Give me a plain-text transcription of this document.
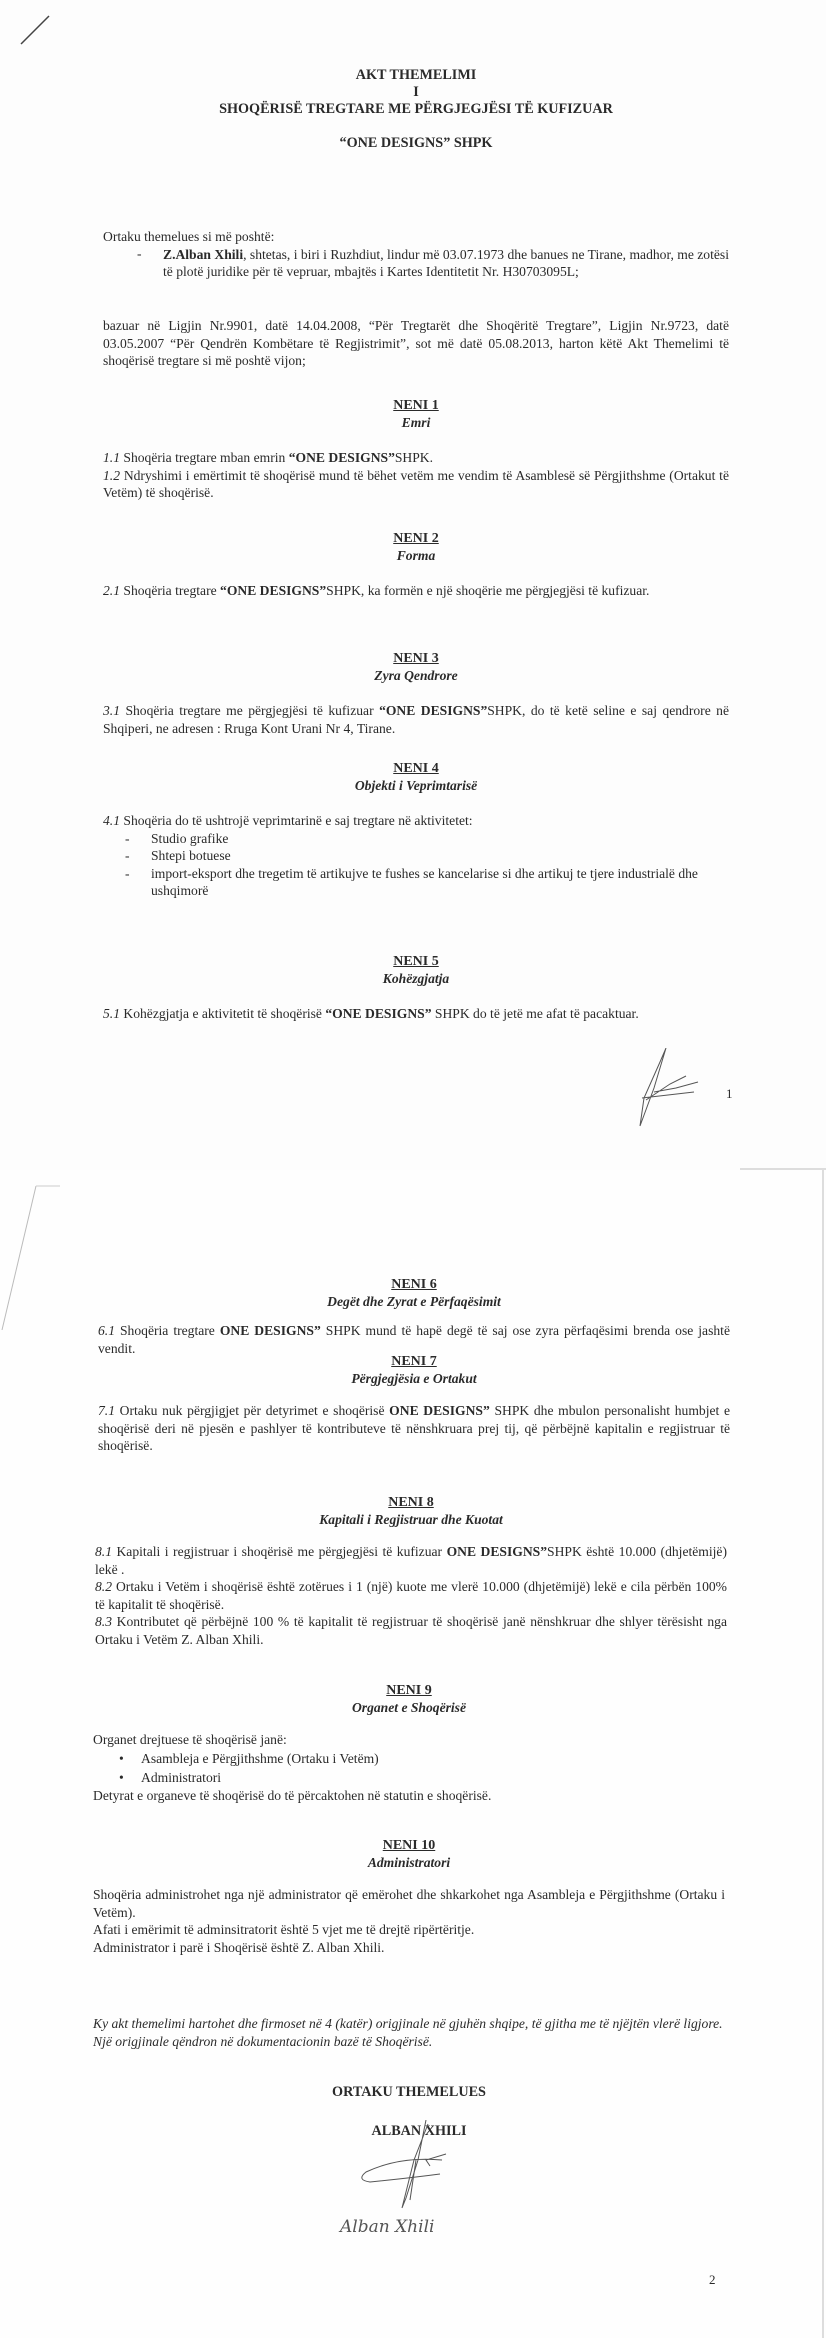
AKT THEMELIMI
I
SHOQËRISË TREGTARE ME PËRGJEGJËSI TË KUFIZUAR
“ONE DESIGNS” SHPK

Ortaku themelues si më poshtë:

- Z.Alban Xhili, shtetas, i biri i Ruzhdiut, lindur më 03.07.1973 dhe banues ne Tirane, madhor, me zotësi të plotë juridike për të vepruar, mbajtës i Kartes Identitetit Nr. H30703095L;

bazuar në Ligjin Nr.9901, datë 14.04.2008, “Për Tregtarët dhe Shoqëritë Tregtare”, Ligjin Nr.9723, datë 03.05.2007 “Për Qendrën Kombëtare të Regjistrimit”, sot më datë 05.08.2013, harton këtë Akt Themelimi të shoqërisë tregtare si më poshtë vijon;

NENI 1
Emri

1.1 Shoqëria tregtare mban emrin “ONE DESIGNS”SHPK.

1.2 Ndryshimi i emërtimit të shoqërisë mund të bëhet vetëm me vendim të Asamblesë së Përgjithshme (Ortakut të Vetëm) të shoqërisë.

NENI 2
Forma

2.1 Shoqëria tregtare “ONE DESIGNS”SHPK, ka formën e një shoqërie me përgjegjësi të kufizuar.

NENI 3
Zyra Qendrore

3.1 Shoqëria tregtare me përgjegjësi të kufizuar “ONE DESIGNS”SHPK, do të ketë seline e saj qendrore në Shqiperi, ne adresen : Rruga Kont Urani Nr 4, Tirane.

NENI 4
Objekti i Veprimtarisë

4.1 Shoqëria do të ushtrojë veprimtarinë e saj tregtare në aktivitetet:

- Studio grafike
- Shtepi botuese
- import-eksport dhe tregetim të artikujve te fushes se kancelarise si dhe artikuj te tjere industrialë dhe ushqimorë
NENI 5
Kohëzgjatja

5.1 Kohëzgjatja e aktivitetit të shoqërisë “ONE DESIGNS” SHPK do të jetë me afat të pacaktuar.

1
NENI 6
Degët dhe Zyrat e Përfaqësimit

6.1 Shoqëria tregtare ONE DESIGNS” SHPK mund të hapë degë të saj ose zyra përfaqësimi brenda ose jashtë vendit.

NENI 7
Përgjegjësia e Ortakut

7.1 Ortaku nuk përgjigjet për detyrimet e shoqërisë ONE DESIGNS” SHPK dhe mbulon personalisht humbjet e shoqërisë deri në pjesën e pashlyer të kontributeve të nënshkruara prej tij, që përbëjnë kapitalin e regjistruar të shoqërisë.

NENI 8
Kapitali i Regjistruar dhe Kuotat

8.1 Kapitali i regjistruar i shoqërisë me përgjegjësi të kufizuar ONE DESIGNS”SHPK është 10.000 (dhjetëmijë) lekë .

8.2 Ortaku i Vetëm i shoqërisë është zotërues i 1 (një) kuote me vlerë 10.000 (dhjetëmijë) lekë e cila përbën 100% të kapitalit të shoqërisë.

8.3 Kontributet që përbëjnë 100 % të kapitalit të regjistruar të shoqërisë janë nënshkruar dhe shlyer tërësisht nga Ortaku i Vetëm Z. Alban Xhili.

NENI 9
Organet e Shoqërisë

Organet drejtuese të shoqërisë janë:

• Asambleja e Përgjithshme (Ortaku i Vetëm)
• Administratori

Detyrat e organeve të shoqërisë do të përcaktohen në statutin e shoqërisë.

NENI 10
Administratori

Shoqëria administrohet nga një administrator që emërohet dhe shkarkohet nga Asambleja e Përgjithshme (Ortaku i Vetëm).

Afati i emërimit të adminsitratorit është 5 vjet me të drejtë ripërtëritje.

Administrator i parë i Shoqërisë është Z. Alban Xhili.

Ky akt themelimi hartohet dhe firmoset në 4 (katër) origjinale në gjuhën shqipe, të gjitha me të njëjtën vlerë ligjore. Një origjinale qëndron në dokumentacionin bazë të Shoqërisë.

ORTAKU THEMELUES
ALBAN XHILI
Alban Xhili
2
